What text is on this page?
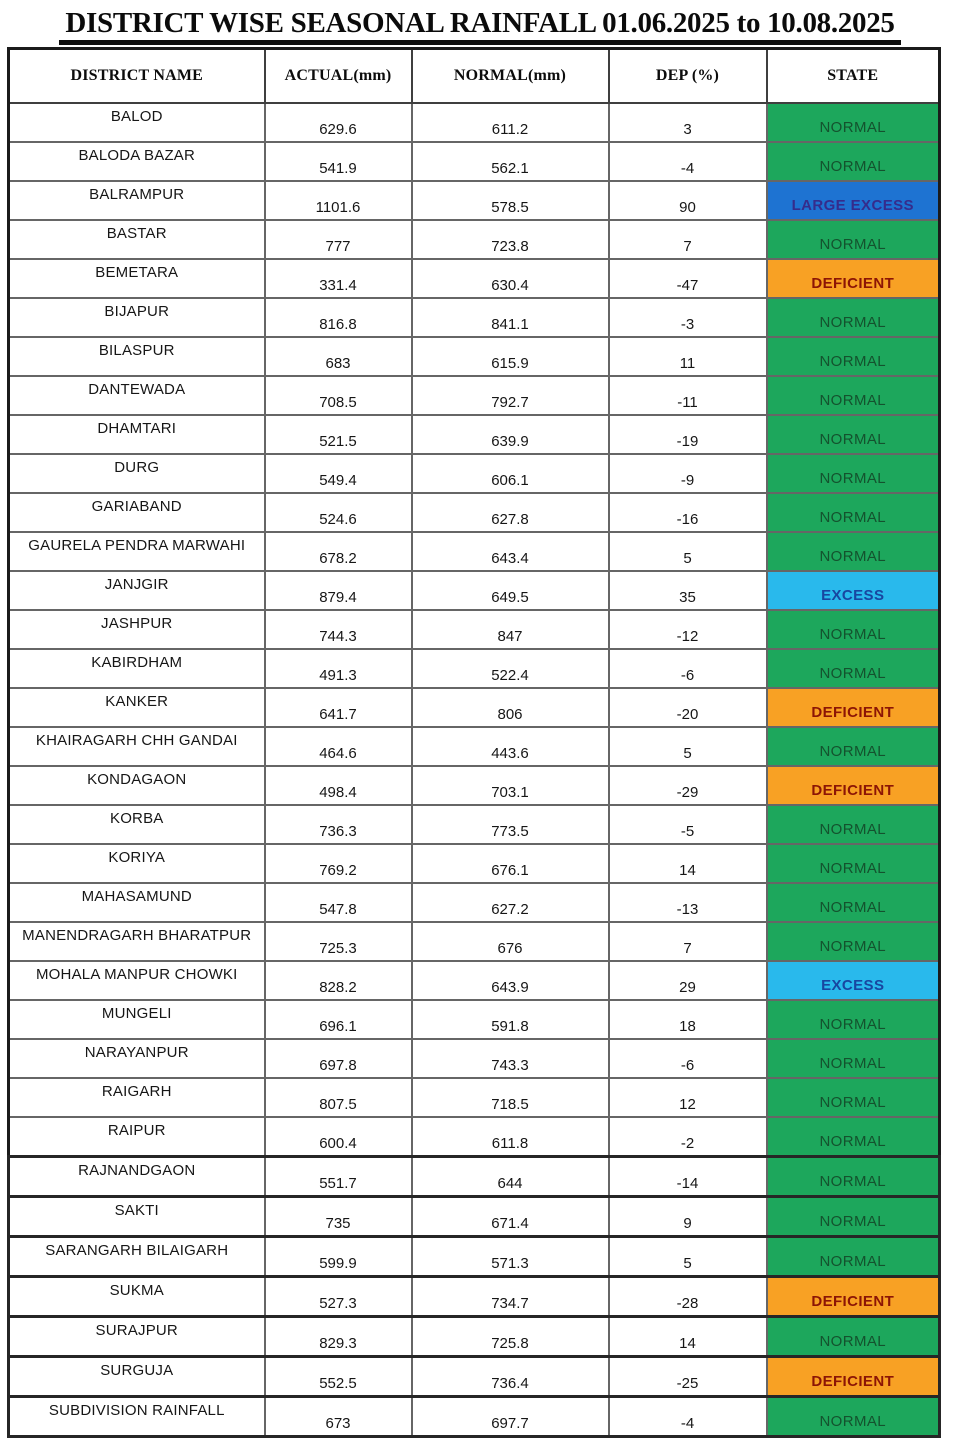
DISTRICT WISE SEASONAL RAINFALL 01.06.2025 to 10.08.2025
DISTRICT NAME	ACTUAL(mm)	NORMAL(mm)	DEP (%)	STATE
BALOD	629.6	611.2	3	NORMAL
BALODA BAZAR	541.9	562.1	-4	NORMAL
BALRAMPUR	1101.6	578.5	90	LARGE EXCESS
BASTAR	777	723.8	7	NORMAL
BEMETARA	331.4	630.4	-47	DEFICIENT
BIJAPUR	816.8	841.1	-3	NORMAL
BILASPUR	683	615.9	11	NORMAL
DANTEWADA	708.5	792.7	-11	NORMAL
DHAMTARI	521.5	639.9	-19	NORMAL
DURG	549.4	606.1	-9	NORMAL
GARIABAND	524.6	627.8	-16	NORMAL
GAURELA PENDRA MARWAHI	678.2	643.4	5	NORMAL
JANJGIR	879.4	649.5	35	EXCESS
JASHPUR	744.3	847	-12	NORMAL
KABIRDHAM	491.3	522.4	-6	NORMAL
KANKER	641.7	806	-20	DEFICIENT
KHAIRAGARH CHH GANDAI	464.6	443.6	5	NORMAL
KONDAGAON	498.4	703.1	-29	DEFICIENT
KORBA	736.3	773.5	-5	NORMAL
KORIYA	769.2	676.1	14	NORMAL
MAHASAMUND	547.8	627.2	-13	NORMAL
MANENDRAGARH BHARATPUR	725.3	676	7	NORMAL
MOHALA MANPUR CHOWKI	828.2	643.9	29	EXCESS
MUNGELI	696.1	591.8	18	NORMAL
NARAYANPUR	697.8	743.3	-6	NORMAL
RAIGARH	807.5	718.5	12	NORMAL
RAIPUR	600.4	611.8	-2	NORMAL
RAJNANDGAON	551.7	644	-14	NORMAL
SAKTI	735	671.4	9	NORMAL
SARANGARH BILAIGARH	599.9	571.3	5	NORMAL
SUKMA	527.3	734.7	-28	DEFICIENT
SURAJPUR	829.3	725.8	14	NORMAL
SURGUJA	552.5	736.4	-25	DEFICIENT
SUBDIVISION RAINFALL	673	697.7	-4	NORMAL
